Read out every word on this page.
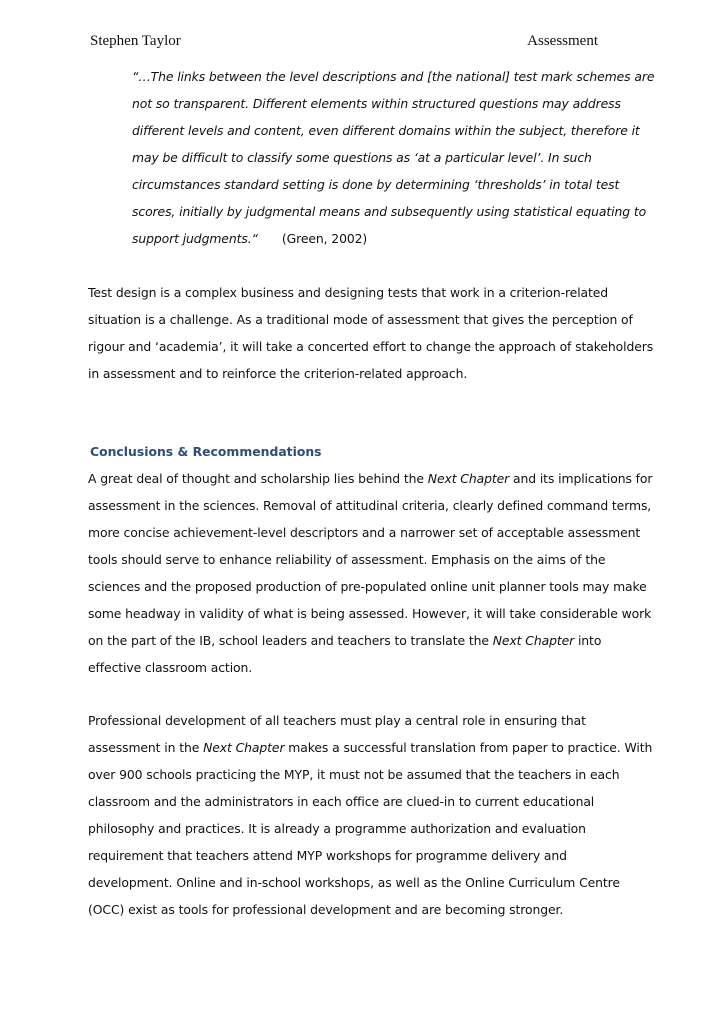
Stephen Taylor	Assessment
“…The links between the level descriptions and [the national] test mark schemes are
not so transparent. Different elements within structured questions may address
different levels and content, even different domains within the subject, therefore it
may be difficult to classify some questions as ‘at a particular level’. In such
circumstances standard setting is done by determining ‘thresholds’ in total test
scores, initially by judgmental means and subsequently using statistical equating to
support judgments.“ (Green, 2002)

Test design is a complex business and designing tests that work in a criterion-related
situation is a challenge. As a traditional mode of assessment that gives the perception of
rigour and ‘academia’, it will take a concerted effort to change the approach of stakeholders
in assessment and to reinforce the criterion-related approach.

Conclusions & Recommendations

A great deal of thought and scholarship lies behind the Next Chapter and its implications for
assessment in the sciences. Removal of attitudinal criteria, clearly defined command terms,
more concise achievement-level descriptors and a narrower set of acceptable assessment
tools should serve to enhance reliability of assessment. Emphasis on the aims of the
sciences and the proposed production of pre-populated online unit planner tools may make
some headway in validity of what is being assessed. However, it will take considerable work
on the part of the IB, school leaders and teachers to translate the Next Chapter into
effective classroom action.

Professional development of all teachers must play a central role in ensuring that
assessment in the Next Chapter makes a successful translation from paper to practice. With
over 900 schools practicing the MYP, it must not be assumed that the teachers in each
classroom and the administrators in each office are clued-in to current educational
philosophy and practices. It is already a programme authorization and evaluation
requirement that teachers attend MYP workshops for programme delivery and
development. Online and in-school workshops, as well as the Online Curriculum Centre
(OCC) exist as tools for professional development and are becoming stronger.
